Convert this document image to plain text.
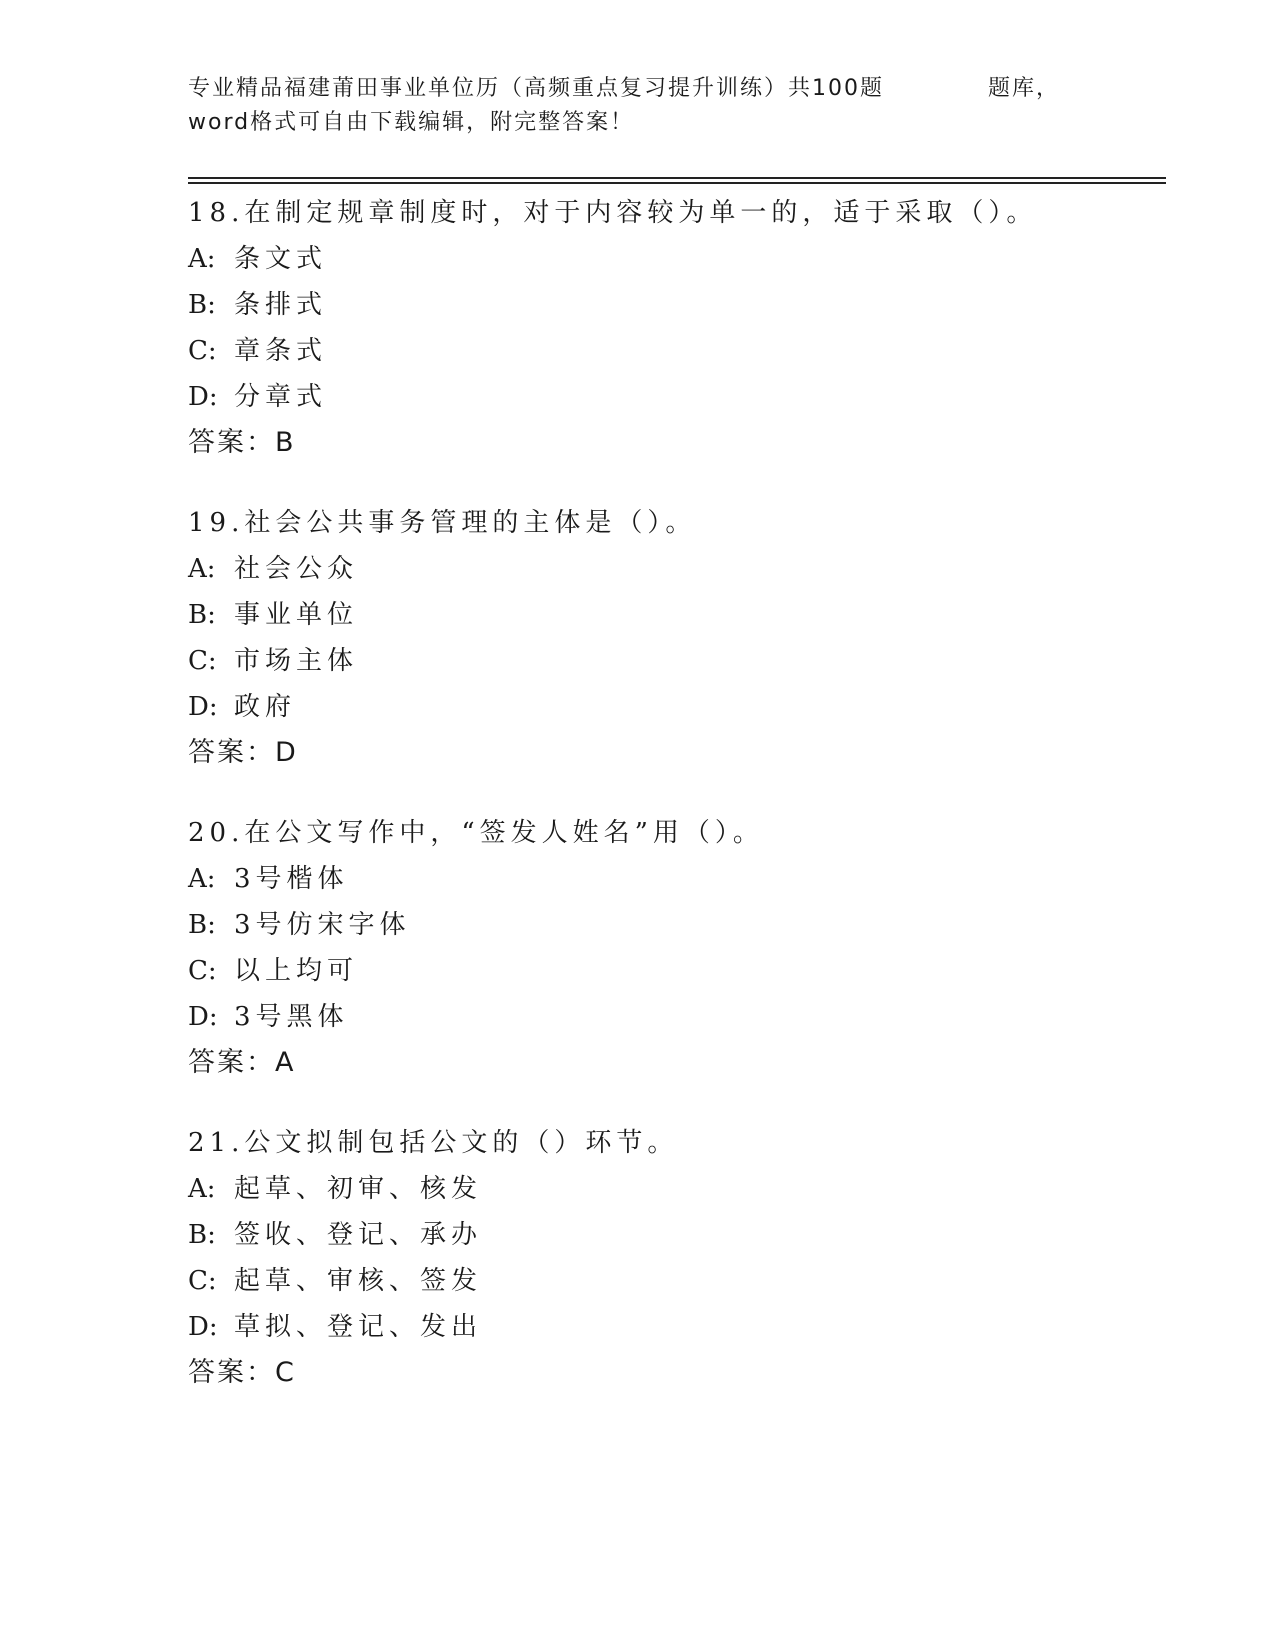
专业精品福建莆田事业单位历（高频重点复习提升训练）共100题	题库，
word格式可自由下载编辑，附完整答案！
18.在制定规章制度时，对于内容较为单一的，适于采取（）。
A: 条文式
B: 条排式
C: 章条式
D: 分章式
答案：B
19.社会公共事务管理的主体是（）。
A: 社会公众
B: 事业单位
C: 市场主体
D: 政府
答案：D
20.在公文写作中，“签发人姓名”用（）。
A: 3号楷体
B: 3号仿宋字体
C: 以上均可
D: 3号黑体
答案：A
21.公文拟制包括公文的（）环节。
A: 起草、初审、核发
B: 签收、登记、承办
C: 起草、审核、签发
D: 草拟、登记、发出
答案：C
